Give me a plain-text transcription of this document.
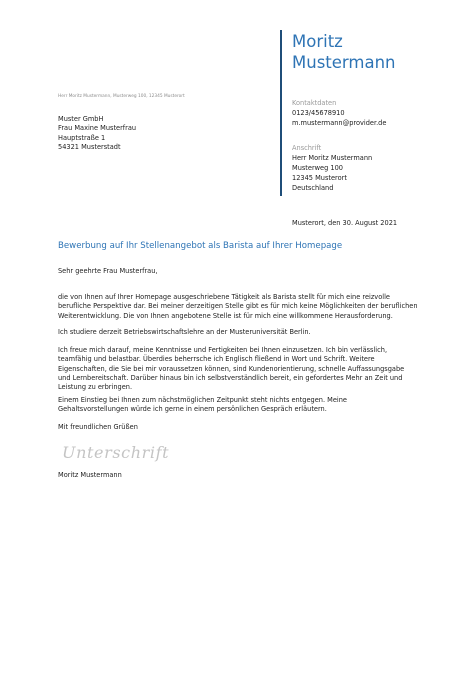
Moritz
Mustermann
Herr Moritz Mustermann, Musterweg 100, 12345 Musterort
Kontaktdaten
0123/45678910
m.mustermann@provider.de
Anschrift
Herr Moritz Mustermann
Musterweg 100
12345 Musterort
Deutschland
Muster GmbH
Frau Maxine Musterfrau
Hauptstraße 1
54321 Musterstadt
Musterort, den 30. August 2021
Bewerbung auf Ihr Stellenangebot als Barista auf Ihrer Homepage
Sehr geehrte Frau Musterfrau,

die von Ihnen auf Ihrer Homepage ausgeschriebene Tätigkeit als Barista stellt für mich eine reizvolle berufliche Perspektive dar. Bei meiner derzeitigen Stelle gibt es für mich keine Möglichkeiten der beruflichen Weiterentwicklung. Die von Ihnen angebotene Stelle ist für mich eine willkommene Herausforderung.

Ich studiere derzeit Betriebswirtschaftslehre an der Musteruniversität Berlin.

Ich freue mich darauf, meine Kenntnisse und Fertigkeiten bei Ihnen einzusetzen. Ich bin verlässlich, teamfähig und belastbar. Überdies beherrsche ich Englisch fließend in Wort und Schrift. Weitere Eigenschaften, die Sie bei mir voraussetzen können, sind Kundenorientierung, schnelle Auffassungsgabe und Lernbereitschaft. Darüber hinaus bin ich selbstverständlich bereit, ein gefordertes Mehr an Zeit und Leistung zu erbringen.

Einem Einstieg bei Ihnen zum nächstmöglichen Zeitpunkt steht nichts entgegen. Meine Gehaltsvorstellungen würde ich gerne in einem persönlichen Gespräch erläutern.

Mit freundlichen Grüßen
Unterschrift
Moritz Mustermann
